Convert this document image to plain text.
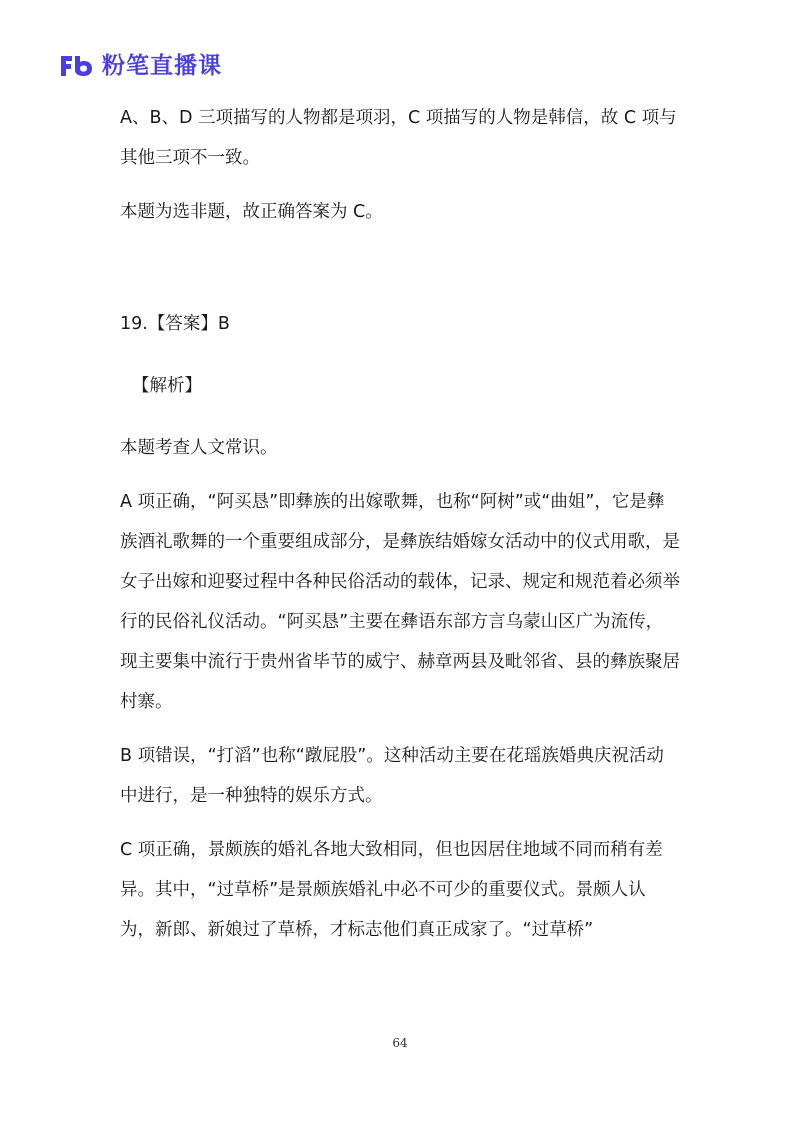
粉笔直播课

A、B、D 三项描写的人物都是项羽，C 项描写的人物是韩信，故 C 项与其他三项不一致。

本题为选非题，故正确答案为 C。

19.【答案】B

【解析】

本题考查人文常识。

A 项正确，“阿买恳”即彝族的出嫁歌舞，也称“阿树”或“曲姐”，它是彝族酒礼歌舞的一个重要组成部分，是彝族结婚嫁女活动中的仪式用歌，是女子出嫁和迎娶过程中各种民俗活动的载体，记录、规定和规范着必须举行的民俗礼仪活动。“阿买恳”主要在彝语东部方言乌蒙山区广为流传，现主要集中流行于贵州省毕节的威宁、赫章两县及毗邻省、县的彝族聚居村寨。

B 项错误，“打滔”也称“蹾屁股”。这种活动主要在花瑶族婚典庆祝活动中进行，是一种独特的娱乐方式。

C 项正确，景颇族的婚礼各地大致相同，但也因居住地域不同而稍有差异。其中，“过草桥”是景颇族婚礼中必不可少的重要仪式。景颇人认为，新郎、新娘过了草桥，才标志他们真正成家了。“过草桥”

64
